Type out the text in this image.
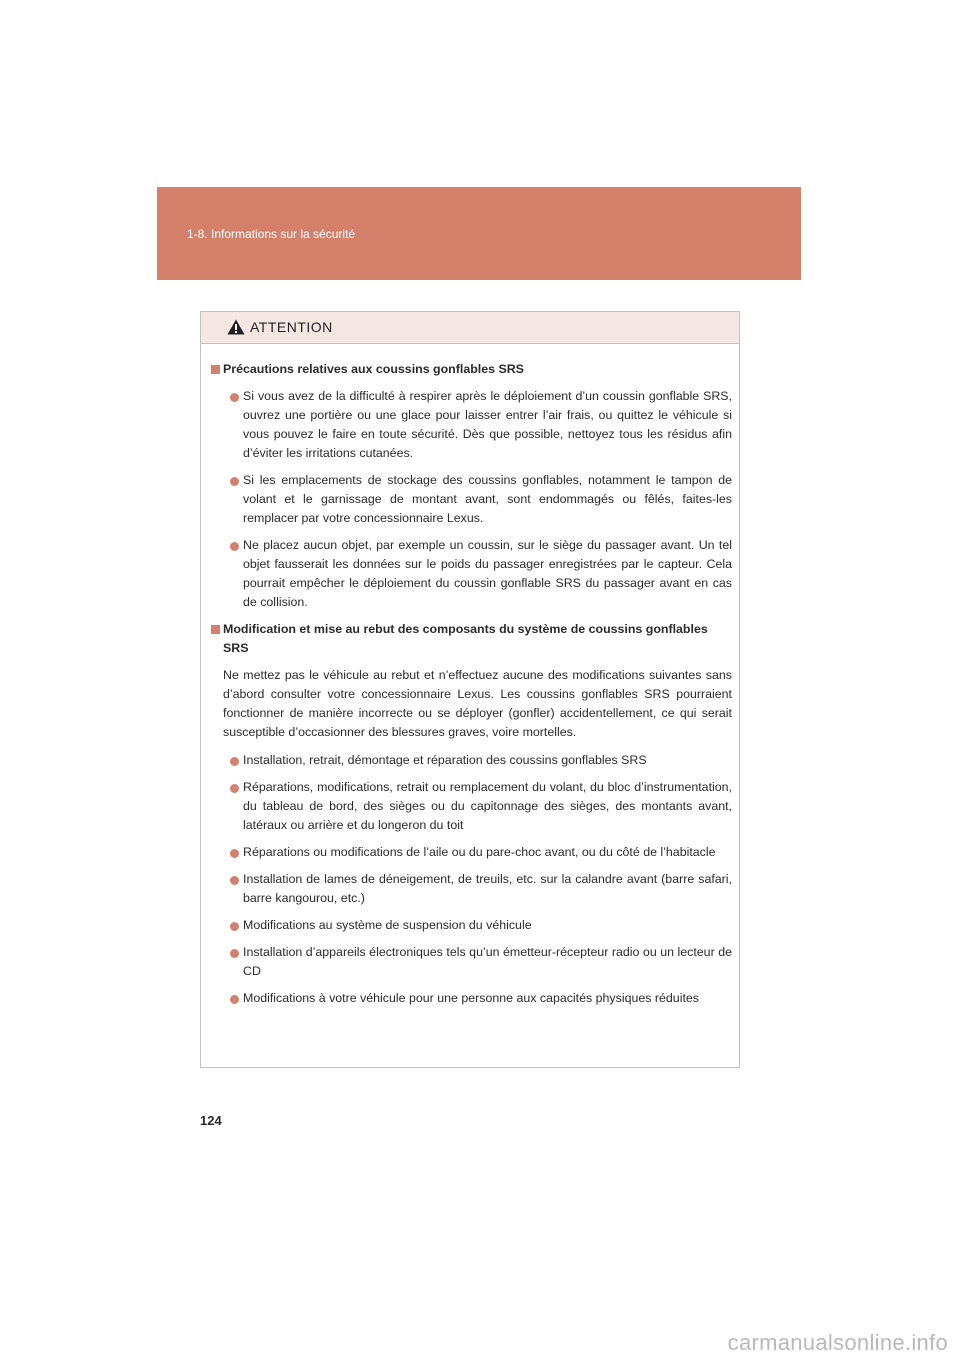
1-8. Informations sur la sécurité
ATTENTION
Précautions relatives aux coussins gonflables SRS
Si vous avez de la difficulté à respirer après le déploiement d’un coussin gonflable SRS, ouvrez une portière ou une glace pour laisser entrer l’air frais, ou quittez le véhicule si vous pouvez le faire en toute sécurité. Dès que possible, nettoyez tous les résidus afin d’éviter les irritations cutanées.
Si les emplacements de stockage des coussins gonflables, notamment le tampon de volant et le garnissage de montant avant, sont endommagés ou fêlés, faites-les remplacer par votre concessionnaire Lexus.
Ne placez aucun objet, par exemple un coussin, sur le siège du passager avant. Un tel objet fausserait les données sur le poids du passager enregistrées par le capteur. Cela pourrait empêcher le déploiement du coussin gonflable SRS du passager avant en cas de collision.
Modification et mise au rebut des composants du système de coussins gonflables SRS
Ne mettez pas le véhicule au rebut et n’effectuez aucune des modifications suivantes sans d’abord consulter votre concessionnaire Lexus. Les coussins gonflables SRS pourraient fonctionner de manière incorrecte ou se déployer (gonfler) accidentellement, ce qui serait susceptible d’occasionner des blessures graves, voire mortelles.
Installation, retrait, démontage et réparation des coussins gonflables SRS
Réparations, modifications, retrait ou remplacement du volant, du bloc d’instrumentation, du tableau de bord, des sièges ou du capitonnage des sièges, des montants avant, latéraux ou arrière et du longeron du toit
Réparations ou modifications de l’aile ou du pare-choc avant, ou du côté de l’habitacle
Installation de lames de déneigement, de treuils, etc. sur la calandre avant (barre safari, barre kangourou, etc.)
Modifications au système de suspension du véhicule
Installation d’appareils électroniques tels qu’un émetteur-récepteur radio ou un lecteur de CD
Modifications à votre véhicule pour une personne aux capacités physiques réduites
124
carmanualsonline.info
